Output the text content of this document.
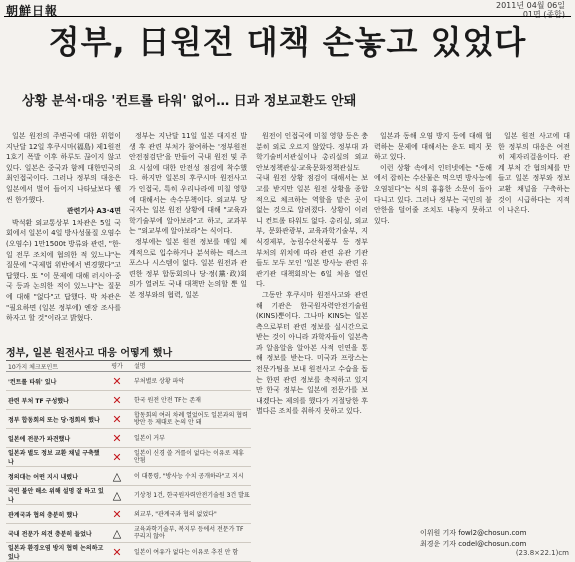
朝鮮日報	2011년 04월 06일
01면 (종합)
정부, 日원전 대책 손놓고 있었다
상황 분석·대응 '컨트롤 타워' 없어… 日과 정보교환도 안돼

일본 원전의 주변국에 대한 위험이 지난달 12일 후쿠시마(福島) 제1원전 1호기 폭발 이후 하루도 끊이지 않고 있다. 일본은 중국과 함께 대한민국의 최인접국이다. 그러나 정부의 대응은 일본에서 벌어 들어지 나타났보다 웰씬 한가했다.

관련기사 A3·4면

박석환 외교통상부 1차관은 5일 국회에서 일본이 4일 방사성물질 오염수 (오염수) 1만1500t 방류와 관련, "한·일 전무 조치에 협의한 적 있느냐"는 질문에 "국제법 위반에서 변경했다"고 답했다. 또 "이 문제에 대해 러시아·중국 등과 논의한 적이 있느냐"는 질문에 대해 "없다"고 답했다. 박 차관은 "필요하면 (일본 정부에) 엔장 조사를 하자고 할 것"이라고 밝혔다.

정부는 지난달 11일 일본 대지진 발생 후 관련 부처가 참여하는 '정부원전안전점검단'을 만들어 국내 원전 및 주요 시설에 대한 안전성 점검에 착수했다. 하지만 일본의 후쿠시마 원전사고가 인접국, 특히 우리나라에 미칠 영향에 대해서는 속수무책이다. 외교부 당국자는 일본 원전 상황에 대해 "교육과학기술부에 알아보라"고 하고, 교과부는 "외교부에 알아보라"는 식이다.

정부에는 일본 원전 정보를 매일 체계적으로 입수하거나 분석하는 태스크포스나 시스템이 없다. 일본 원전과 관련한 정부 합동회의나 당·정(黨·政)회의가 열려도 국내 대책만 논의할 뿐 일본 정부와의 협력, 일본

원전이 인접국에 미칠 영향 등은 충분히 외로 오르지 않았다. 정부대 과학기술비서관실이나 총리실의 외교안보정책관실·교육문화정책관실도 국내 원전 상황 점검이 대해서는 보고를 받지만 일본 원전 상황을 종합적으로 체크하는 역할을 맡은 곳이 없는 것으로 알려졌다. 상황이 이러니 컨트롤 타워도 없다. 총리실, 외교부, 문화관광부, 교육과학기술부, 지식경제부, 농림수산식품부 등 정부 부처의 위치에 따라 관련 유관 기관들도 모두 모인 '일본 방사능 관련 유관기관 대책회의'는 6일 처음 열린다.

그동안 후쿠시마 원전사고와 관련해 기관은 한국원자력안전기술원(KINS)뿐이다. 그나마 KINS는 일본측으로부터 관련 정보를 실시간으로 받는 것이 아니라 과학자들이 일본측과 알음알음 알아본 사적 인연을 통해 정보를 받는다. 미국과 프랑스는 전문가팀을 보내 원전사고 수습을 돕는 한편 관련 정보를 축적하고 있지만 한국 정부는 일본에 전문가를 보내겠다는 제의를 했다가 거절당한 후 별다른 조치를 취하지 못하고 있다.

일본과 동해 오염 방지 등에 대해 협력하는 문제에 대해서는 운도 떼지 못하고 있다.

이런 상황 속에서 인터넷에는 "동해에서 잡히는 수산물은 먹으면 방사능에 오염된다"는 식의 흉흉한 소문이 돌아다니고 있다. 그러나 정부는 국민의 불안한을 덜어줄 조치도 내놓지 못하고 있다.

일본 원전 사고에 대한 정부의 대응은 여전히 제자리걸음이다. 관계 부처 간 협의체를 만들고 일본 정부와 정보 교환 채널을 구축하는 것이 시급하다는 지적이 나온다.

이위원 기자 fowl2@chosun.com
최경운 기자 codel@chosun.com
정부, 일본 원전사고 대응 어떻게 했나
10가지 체크포인트	평가	설명
'컨트롤 타워' 있나	✕	부처별로 상황 파악
관련 부처 TF 구성했나	✕	한국 원전 안전 TF는 존재
정부 합동회의 또는 당·정회의 했나	✕	합동회의 여러 차례 열었어도 일본과의 협력 방안 등 제대로 논의 안 돼
일본에 전문가 파견했나	✕	일본이 거부
일본과 별도 정보 교환 채널 구축했나	✕	일본이 신경 쓸 겨를이 없다는 이유로 제휴 안됨
정의대는 어떤 지시 내렸나	△	이 대통령, "방사능 수치 공개하라"고 지시
국민 불안 해소 위해 설명 잘 하고 있나	△	기상청 1건, 한국원자력안전기술원 3건 발표
관계국과 협의 충분히 했나	✕	외교부, "관계국과 협의 없었다"
국내 전문가 의견 충분히 들었나	△	교육과학기술부, 복지부 등에서 전문가 TF 꾸리지 않아
일본과 환경오염 방지 협력 논의하고 있나	✕	일본이 여유가 없다는 이유로 추진 안 함	(23.8×22.1)cm
